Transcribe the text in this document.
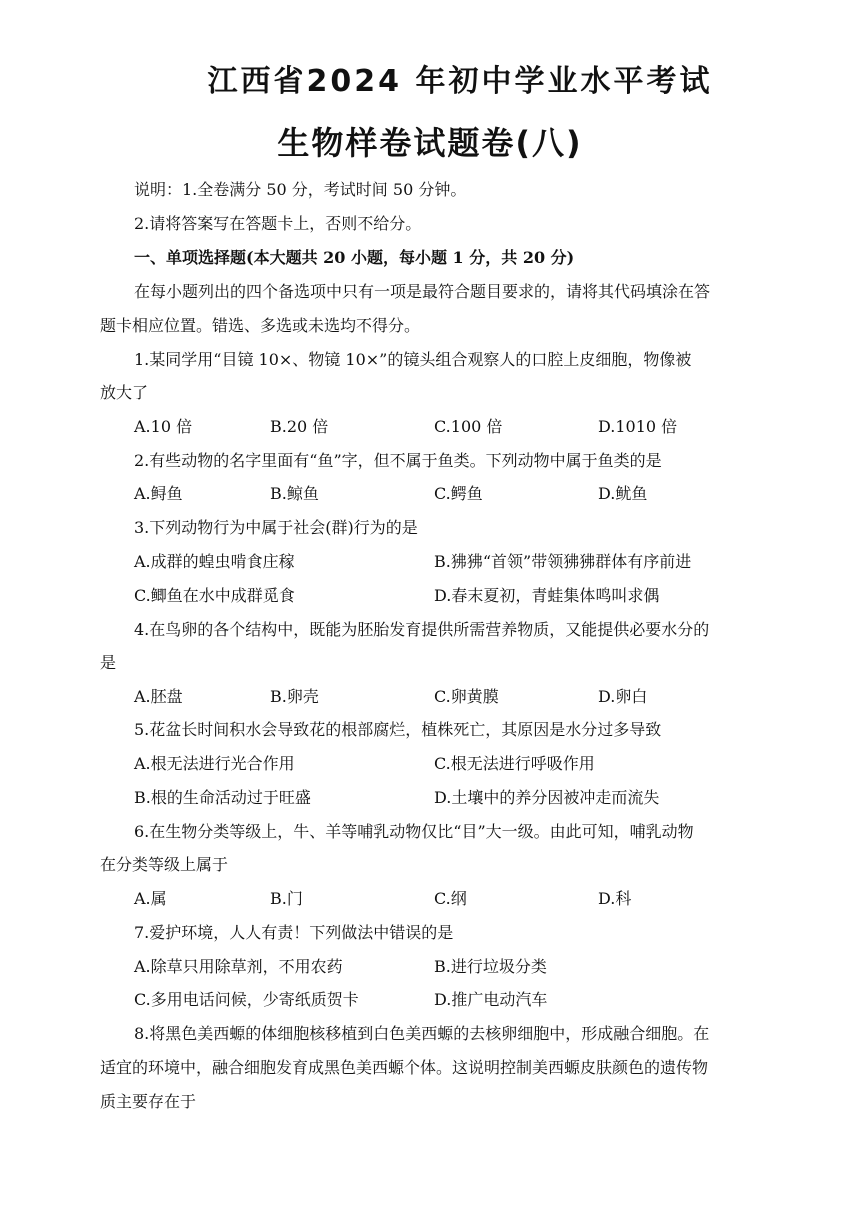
江西省2024 年初中学业水平考试
生物样卷试题卷(八)
说明：1.全卷满分 50 分，考试时间 50 分钟。
2.请将答案写在答题卡上，否则不给分。
一、单项选择题(本大题共 20 小题，每小题 1 分，共 20 分)
在每小题列出的四个备选项中只有一项是最符合题目要求的，请将其代码填涂在答
题卡相应位置。错选、多选或未选均不得分。
1.某同学用“目镜 10×、物镜 10×”的镜头组合观察人的口腔上皮细胞，物像被
放大了
A.10 倍	B.20 倍	C.100 倍	D.1010 倍
2.有些动物的名字里面有“鱼”字，但不属于鱼类。下列动物中属于鱼类的是
A.鲟鱼	B.鲸鱼	C.鳄鱼	D.鱿鱼
3.下列动物行为中属于社会(群)行为的是
A.成群的蝗虫啃食庄稼	B.狒狒“首领”带领狒狒群体有序前进
C.鲫鱼在水中成群觅食	D.春末夏初，青蛙集体鸣叫求偶
4.在鸟卵的各个结构中，既能为胚胎发育提供所需营养物质，又能提供必要水分的
是
A.胚盘	B.卵壳	C.卵黄膜	D.卵白
5.花盆长时间积水会导致花的根部腐烂，植株死亡，其原因是水分过多导致
A.根无法进行光合作用	C.根无法进行呼吸作用
B.根的生命活动过于旺盛	D.土壤中的养分因被冲走而流失
6.在生物分类等级上，牛、羊等哺乳动物仅比“目”大一级。由此可知，哺乳动物
在分类等级上属于
A.属	B.门	C.纲	D.科
7.爱护环境，人人有责！下列做法中错误的是
A.除草只用除草剂，不用农药	B.进行垃圾分类
C.多用电话问候，少寄纸质贺卡	D.推广电动汽车
8.将黑色美西螈的体细胞核移植到白色美西螈的去核卵细胞中，形成融合细胞。在
适宜的环境中，融合细胞发育成黑色美西螈个体。这说明控制美西螈皮肤颜色的遗传物
质主要存在于
